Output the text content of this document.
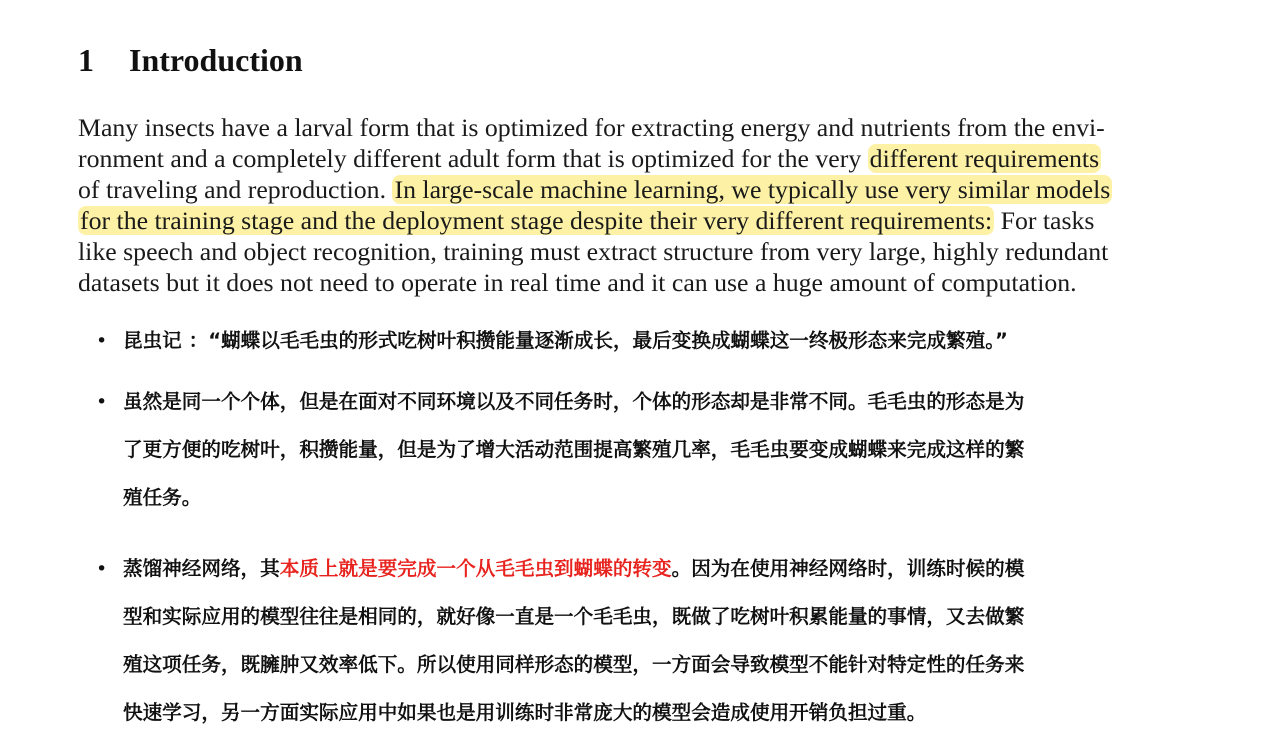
1 Introduction
Many insects have a larval form that is optimized for extracting energy and nutrients from the envi-
ronment and a completely different adult form that is optimized for the very different requirements
of traveling and reproduction. In large-scale machine learning, we typically use very similar models
for the training stage and the deployment stage despite their very different requirements: For tasks
like speech and object recognition, training must extract structure from very large, highly redundant
datasets but it does not need to operate in real time and it can use a huge amount of computation.
• 昆虫记 ：“蝴蝶以毛毛虫的形式吃树叶积攒能量逐渐成长，最后变换成蝴蝶这一终极形态来完成繁殖。”
• 虽然是同一个个体，但是在面对不同环境以及不同任务时，个体的形态却是非常不同。毛毛虫的形态是为
了更方便的吃树叶，积攒能量，但是为了增大活动范围提高繁殖几率，毛毛虫要变成蝴蝶来完成这样的繁
殖任务。
• 蒸馏神经网络，其本质上就是要完成一个从毛毛虫到蝴蝶的转变。因为在使用神经网络时，训练时候的模
型和实际应用的模型往往是相同的，就好像一直是一个毛毛虫，既做了吃树叶积累能量的事情，又去做繁
殖这项任务，既臃肿又效率低下。所以使用同样形态的模型，一方面会导致模型不能针对特定性的任务来
快速学习，另一方面实际应用中如果也是用训练时非常庞大的模型会造成使用开销负担过重。
